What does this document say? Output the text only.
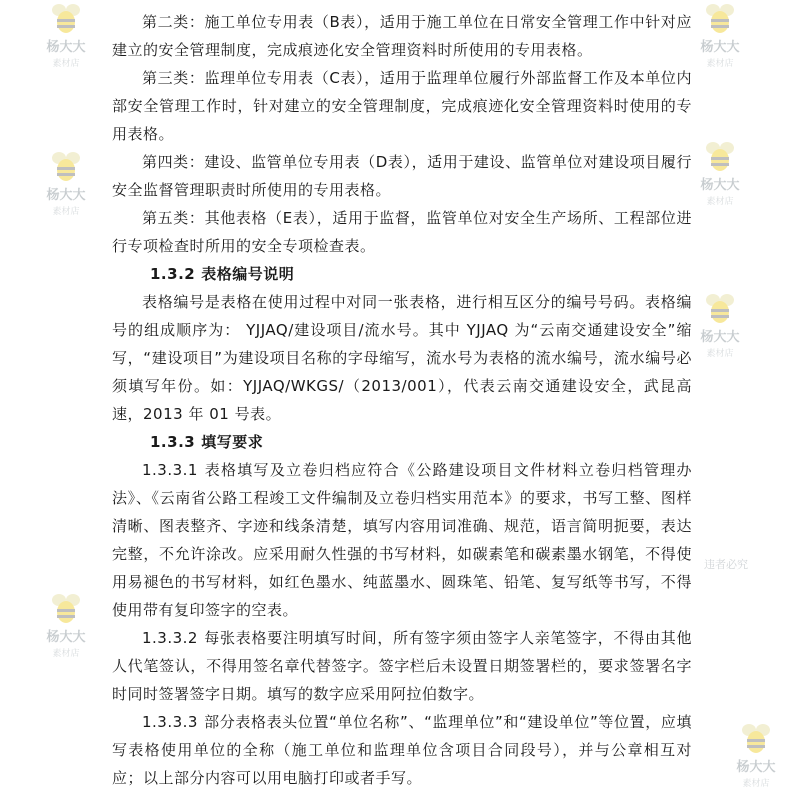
杨大大
素材店
杨大大
素材店
杨大大
素材店
杨大大
素材店
杨大大
素材店
杨大大
素材店
杨大大
素材店
违者必究

第二类：施工单位专用表（B表），适用于施工单位在日常安全管理工作中针对应建立的安全管理制度，完成痕迹化安全管理资料时所使用的专用表格。

第三类：监理单位专用表（C表），适用于监理单位履行外部监督工作及本单位内部安全管理工作时，针对建立的安全管理制度，完成痕迹化安全管理资料时使用的专用表格。

第四类：建设、监管单位专用表（D表），适用于建设、监管单位对建设项目履行安全监督管理职责时所使用的专用表格。

第五类：其他表格（E表），适用于监督，监管单位对安全生产场所、工程部位进行专项检查时所用的安全专项检查表。

1.3.2 表格编号说明

表格编号是表格在使用过程中对同一张表格，进行相互区分的编号号码。表格编号的组成顺序为： YJJAQ/建设项目/流水号。其中 YJJAQ 为“云南交通建设安全”缩写，“建设项目”为建设项目名称的字母缩写，流水号为表格的流水编号，流水编号必须填写年份。如：YJJAQ/WKGS/（2013/001），代表云南交通建设安全，武昆高速，2013 年 01 号表。

1.3.3 填写要求

1.3.3.1 表格填写及立卷归档应符合《公路建设项目文件材料立卷归档管理办法》、《云南省公路工程竣工文件编制及立卷归档实用范本》的要求，书写工整、图样清晰、图表整齐、字迹和线条清楚，填写内容用词准确、规范，语言简明扼要，表达完整，不允许涂改。应采用耐久性强的书写材料，如碳素笔和碳素墨水钢笔，不得使用易褪色的书写材料，如红色墨水、纯蓝墨水、圆珠笔、铅笔、复写纸等书写，不得使用带有复印签字的空表。

1.3.3.2 每张表格要注明填写时间，所有签字须由签字人亲笔签字，不得由其他人代笔签认，不得用签名章代替签字。签字栏后未设置日期签署栏的，要求签署名字时同时签署签字日期。填写的数字应采用阿拉伯数字。

1.3.3.3 部分表格表头位置“单位名称”、“监理单位”和“建设单位”等位置，应填写表格使用单位的全称（施工单位和监理单位含项目合同段号），并与公章相互对应；以上部分内容可以用电脑打印或者手写。
